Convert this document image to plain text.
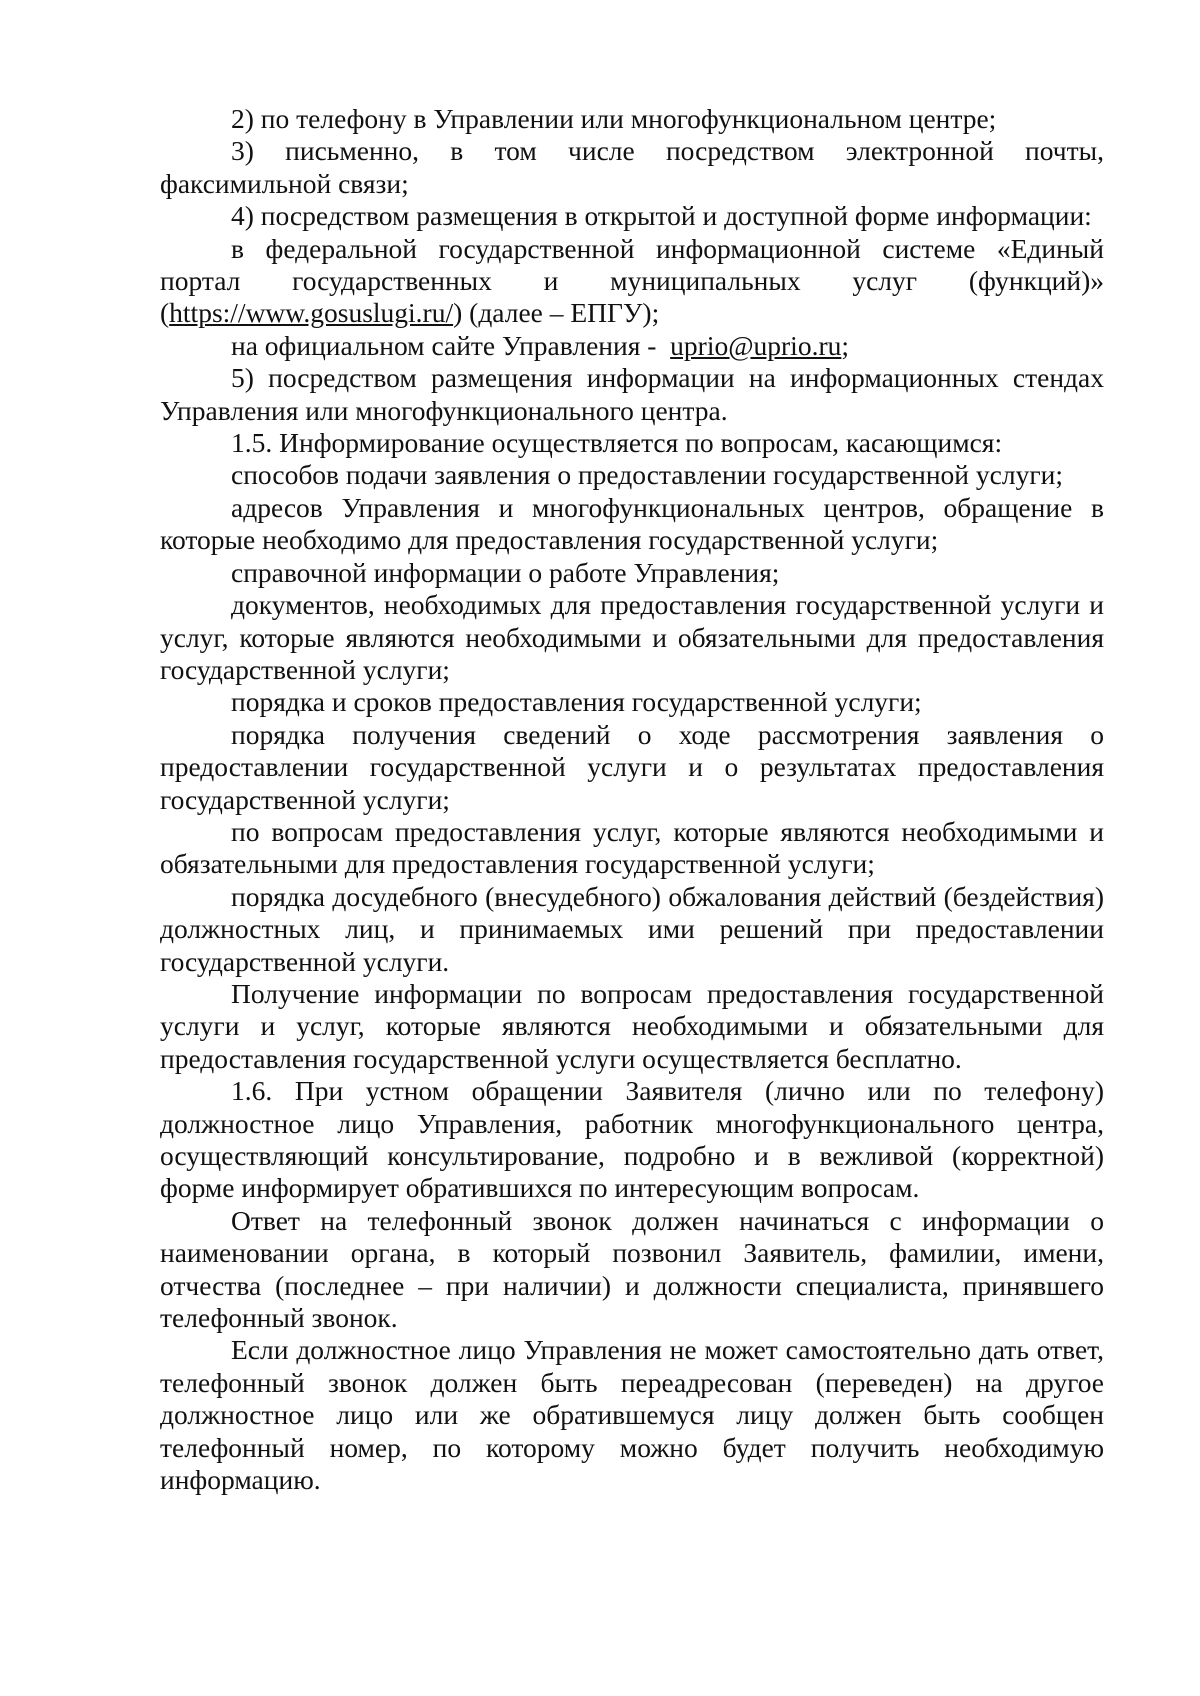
2) по телефону в Управлении или многофункциональном центре;

3) письменно, в том числе посредством электронной почты, факсимильной связи;

4) посредством размещения в открытой и доступной форме информации:

в федеральной государственной информационной системе «Единый портал государственных и муниципальных услуг (функций)» (https://www.gosuslugi.ru/) (далее – ЕПГУ);

на официальном сайте Управления - uprio@uprio.ru;

5) посредством размещения информации на информационных стендах Управления или многофункционального центра.

1.5. Информирование осуществляется по вопросам, касающимся:

способов подачи заявления о предоставлении государственной услуги;

адресов Управления и многофункциональных центров, обращение в которые необходимо для предоставления государственной услуги;

справочной информации о работе Управления;

документов, необходимых для предоставления государственной услуги и услуг, которые являются необходимыми и обязательными для предоставления государственной услуги;

порядка и сроков предоставления государственной услуги;

порядка получения сведений о ходе рассмотрения заявления о предоставлении государственной услуги и о результатах предоставления государственной услуги;

по вопросам предоставления услуг, которые являются необходимыми и обязательными для предоставления государственной услуги;

порядка досудебного (внесудебного) обжалования действий (бездействия) должностных лиц, и принимаемых ими решений при предоставлении государственной услуги.

Получение информации по вопросам предоставления государственной услуги и услуг, которые являются необходимыми и обязательными для предоставления государственной услуги осуществляется бесплатно.

1.6. При устном обращении Заявителя (лично или по телефону) должностное лицо Управления, работник многофункционального центра, осуществляющий консультирование, подробно и в вежливой (корректной) форме информирует обратившихся по интересующим вопросам.

Ответ на телефонный звонок должен начинаться с информации о наименовании органа, в который позвонил Заявитель, фамилии, имени, отчества (последнее – при наличии) и должности специалиста, принявшего телефонный звонок.

Если должностное лицо Управления не может самостоятельно дать ответ, телефонный звонок должен быть переадресован (переведен) на другое должностное лицо или же обратившемуся лицу должен быть сообщен телефонный номер, по которому можно будет получить необходимую информацию.
